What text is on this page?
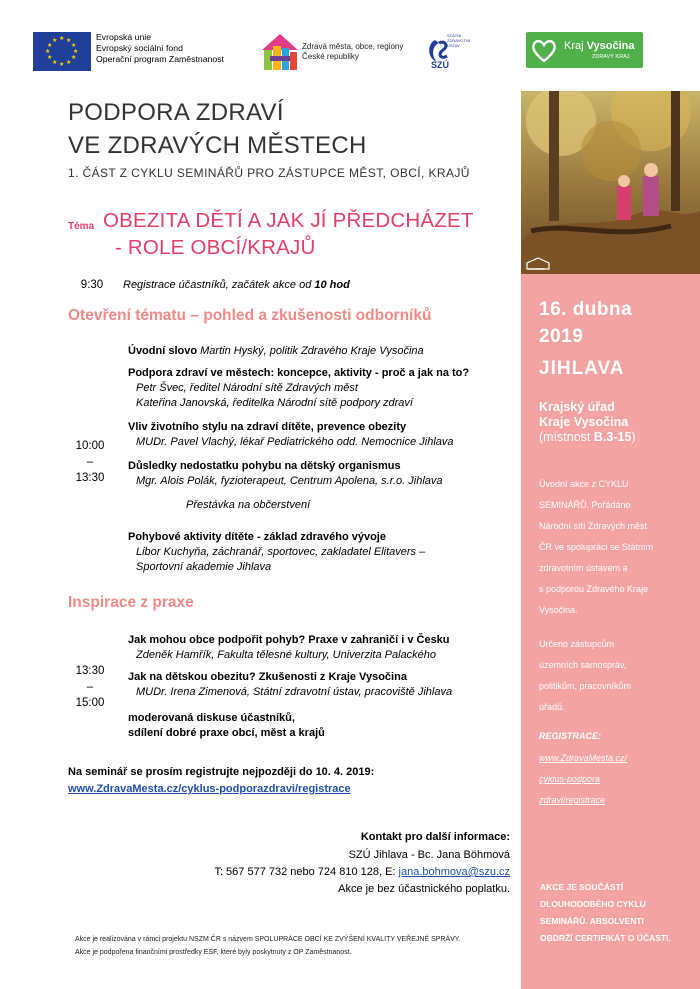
★ ★
★
★
★
★
★
★
★
★
★
★	Evropská unie
Evropský sociální fond
Operační program Zaměstnanost
Zdravá města, obce, regiony
České republiky
SZÚ
STÁTNÍ
ZDRAVOTNÍ
ÚSTAV	Kraj Vysočina
ZDRAVÝ KRAJ
KONVERZE
16. dubna
2019
JIHLAVA
Krajský úřad
Kraje Vysočina
(místnost B.3-15)
Úvodní akce z CYKLU
SEMINÁŘŮ. Pořádáno
Národní sítí Zdravých měst
ČR ve spolupráci se Státním
zdravotním ústavem a
s podporou Zdravého Kraje
Vysočina.
Určeno zástupcům
územních samospráv,
politikům, pracovníkům
úřadů.
REGISTRACE:
www.ZdravaMesta.cz/
cyklus-podpora
zdravi/registrace
AKCE JE SOUČÁSTÍ
DLOUHODOBÉHO CYKLU
SEMINÁŘŮ. ABSOLVENTI
OBDRŽÍ CERTIFIKÁT O ÚČASTI.
PODPORA ZDRAVÍ
VE ZDRAVÝCH MĚSTECH
1. ČÁST Z CYKLU SEMINÁŘŮ PRO ZÁSTUPCE MĚST, OBCÍ, KRAJŮ
Téma OBEZITA DĚTÍ A JAK JÍ PŘEDCHÁZET
- ROLE OBCÍ/KRAJŮ
9:30	Registrace účastníků, začátek akce od 10 hod
Otevření tématu – pohled a zkušenosti odborníků
10:00
–
13:30
Úvodní slovo Martin Hyský, politik Zdravého Kraje Vysočina
Podpora zdraví ve městech: koncepce, aktivity - proč a jak na to?
Petr Švec, ředitel Národní sítě Zdravých měst
Kateřina Janovská, ředitelka Národní sítě podpory zdraví
Vliv životního stylu na zdraví dítěte, prevence obezity
MUDr. Pavel Vlachý, lékař Pediatrického odd. Nemocnice Jihlava
Důsledky nedostatku pohybu na dětský organismus
Mgr. Alois Polák, fyzioterapeut, Centrum Apolena, s.r.o. Jihlava
Přestávka na občerstvení
Pohybové aktivity dítěte - základ zdravého vývoje
Libor Kuchyňa, záchranář, sportovec, zakladatel Elitavers –
Sportovní akademie Jihlava
Inspirace z praxe
13:30
–
15:00
Jak mohou obce podpořit pohyb? Praxe v zahraničí i v Česku
Zdeněk Hamřík, Fakulta tělesné kultury, Univerzita Palackého
Jak na dětskou obezitu? Zkušenosti z Kraje Vysočina
MUDr. Irena Zimenová, Státní zdravotní ústav, pracoviště Jihlava
moderovaná diskuse účastníků,
sdílení dobré praxe obcí, měst a krajů
Na seminář se prosím registrujte nejpozději do 10. 4. 2019:
www.ZdravaMesta.cz/cyklus-podporazdravi/registrace
Kontakt pro další informace:
SZÚ Jihlava - Bc. Jana Böhmová
T: 567 577 732 nebo 724 810 128, E: jana.bohmova@szu.cz
Akce je bez účastnického poplatku.
Akce je realizována v rámci projektu NSZM ČR s názvem SPOLUPRÁCE OBCÍ KE ZVÝŠENÍ KVALITY VEŘEJNÉ SPRÁVY.
Akce je podpořena finančními prostředky ESF, které byly poskytnuty z OP Zaměstnanost.
